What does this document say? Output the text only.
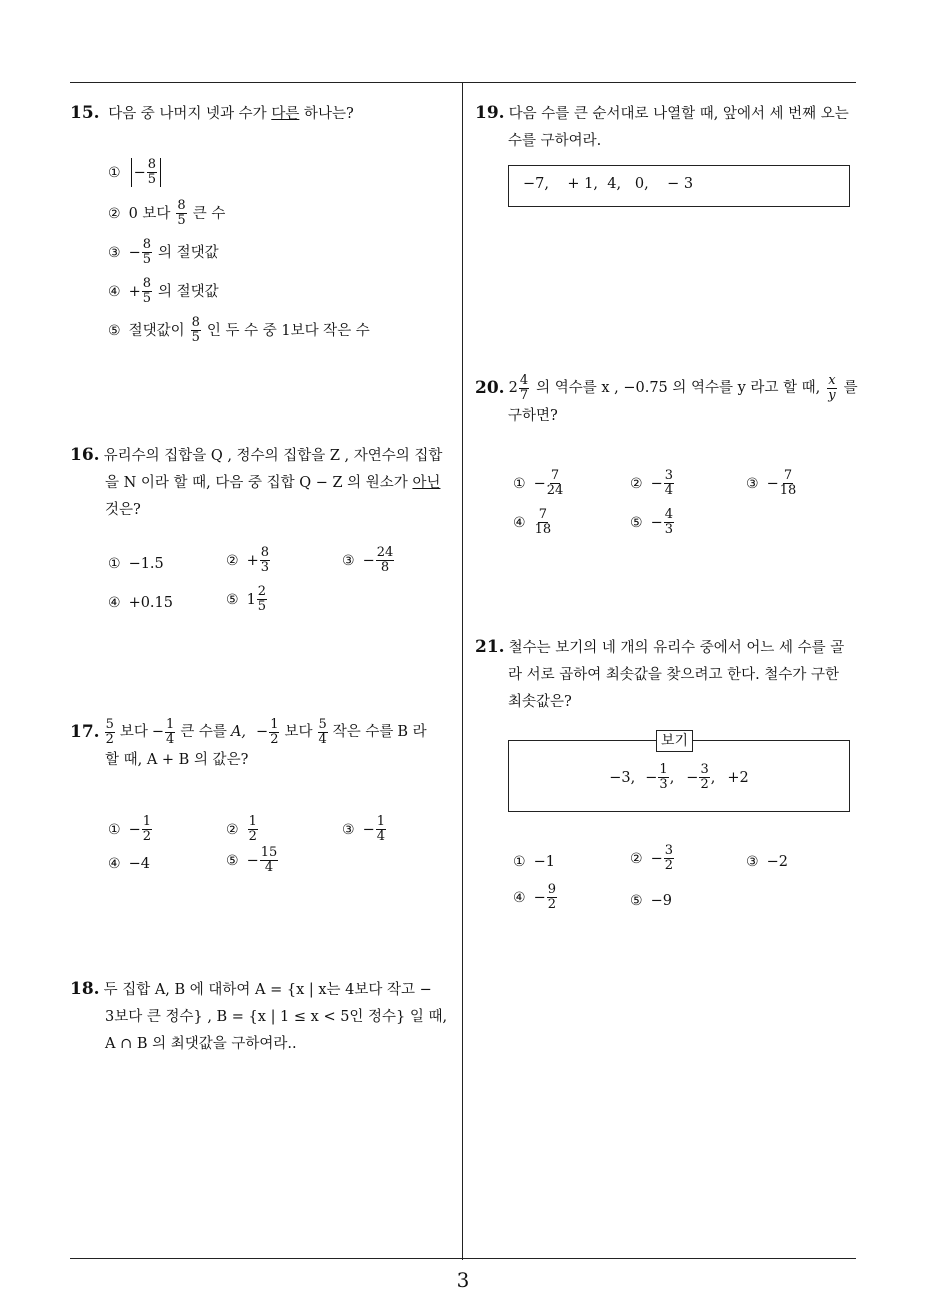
3
15. 다음 중 나머지 넷과 수가 다른 하나는?
① − $\frac{8}{5}$
② 0 보다 $\frac{8}{5}$ 큰 수
③ − $\frac{8}{5}$ 의 절댓값
④ + $\frac{8}{5}$ 의 절댓값
⑤ 절댓값이 $\frac{8}{5}$ 인 두 수 중 1보다 작은 수
16. 유리수의 집합을 Q , 정수의 집합을 Z , 자연수의 집합
을 N 이라 할 때, 다음 중 집합 Q − Z 의 원소가 아닌
것은?
① −1.5	② + $\frac{8}{3}$	③ − $\frac{24}{8}$
④ +0.15	⑤ $1 \frac{2}{5}$
17. $\frac{5}{2}$ 보다 − $\frac{1}{4}$ 큰 수를 A, − $\frac{1}{2}$ 보다 $\frac{5}{4}$ 작은 수를 B 라
할 때, A + B 의 값은?
① − $\frac{1}{2}$	② $\frac{1}{2}$	③ − $\frac{1}{4}$
④ −4	⑤ − $\frac{15}{4}$
18. 두 집합 A, B 에 대하여 A = {x | x는 4보다 작고 −
3보다 큰 정수} , B = {x | 1 ≤ x < 5인 정수} 일 때,
A ∩ B 의 최댓값을 구하여라..
19. 다음 수를 큰 순서대로 나열할 때, 앞에서 세 번째 오는
수를 구하여라.
−7,    + 1,  4,   0,    − 3
20. $2 \frac{4}{7}$ 의 역수를 x , −0.75 의 역수를 y 라고 할 때, $\frac{x}{y}$ 를
구하면?
① − $\frac{7}{24}$	② − $\frac{3}{4}$	③ − $\frac{7}{18}$
④ $\frac{7}{18}$	⑤ − $\frac{4}{3}$
21. 철수는 보기의 네 개의 유리수 중에서 어느 세 수를 골
라 서로 곱하여 최솟값을 찾으려고 한다. 철수가 구한
최솟값은?
−3, − $\frac{1}{3}$ , − $\frac{3}{2}$ , +2
보기
① −1	② − $\frac{3}{2}$	③ −2
④ − $\frac{9}{2}$	⑤ −9
